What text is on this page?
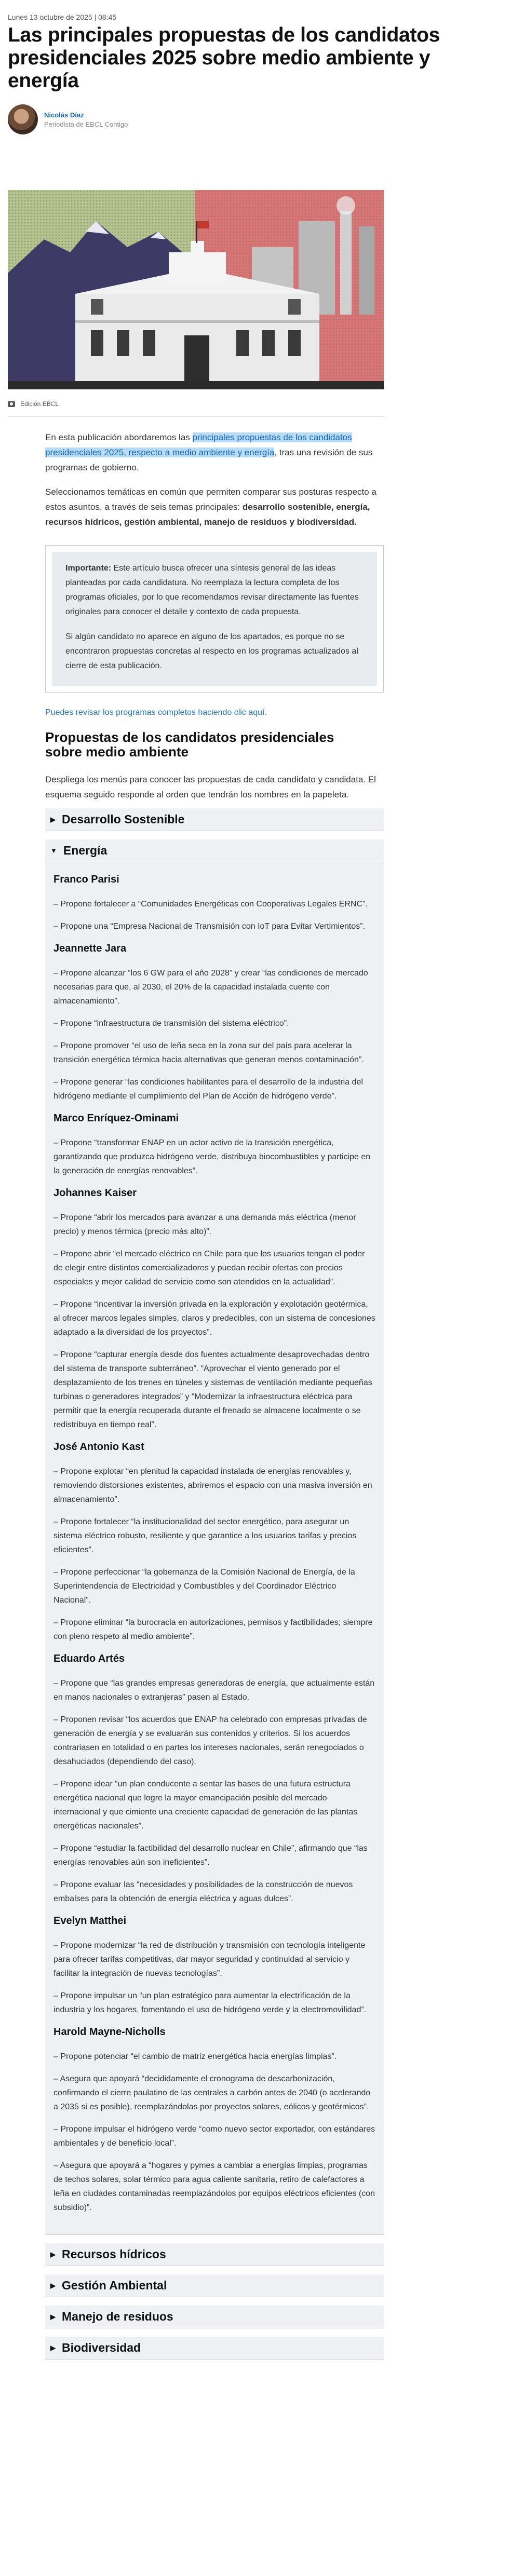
Lunes 13 octubre de 2025 | 08:45
Las principales propuestas de los candidatos presidenciales 2025 sobre medio ambiente y energía
Nicolás Díaz
Periodista de EBCL Contigo
Edición EBCL

En esta publicación abordaremos las principales propuestas de los candidatos presidenciales 2025, respecto a medio ambiente y energía, tras una revisión de sus programas de gobierno.

Seleccionamos temáticas en común que permiten comparar sus posturas respecto a estos asuntos, a través de seis temas principales: desarrollo sostenible, energía, recursos hídricos, gestión ambiental, manejo de residuos y biodiversidad.

Importante: Este artículo busca ofrecer una síntesis general de las ideas planteadas por cada candidatura. No reemplaza la lectura completa de los programas oficiales, por lo que recomendamos revisar directamente las fuentes originales para conocer el detalle y contexto de cada propuesta.

Si algún candidato no aparece en alguno de los apartados, es porque no se encontraron propuestas concretas al respecto en los programas actualizados al cierre de esta publicación.

Puedes revisar los programas completos haciendo clic aquí.
Propuestas de los candidatos presidenciales sobre medio ambiente

Despliega los menús para conocer las propuestas de cada candidato y candidata. El esquema seguido responde al orden que tendrán los nombres en la papeleta.

▶ Desarrollo Sostenible
▼ Energía
Franco Parisi

– Propone fortalecer a “Comunidades Energéticas con Cooperativas Legales ERNC”.

– Propone una “Empresa Nacional de Transmisión con IoT para Evitar Vertimientos”.

Jeannette Jara

– Propone alcanzar “los 6 GW para el año 2028” y crear “las condiciones de mercado necesarias para que, al 2030, el 20% de la capacidad instalada cuente con almacenamiento”.

– Propone “infraestructura de transmisión del sistema eléctrico”.

– Propone promover “el uso de leña seca en la zona sur del país para acelerar la transición energética térmica hacia alternativas que generan menos contaminación”.

– Propone generar “las condiciones habilitantes para el desarrollo de la industria del hidrógeno mediante el cumplimiento del Plan de Acción de hidrógeno verde”.

Marco Enríquez-Ominami

– Propone “transformar ENAP en un actor activo de la transición energética, garantizando que produzca hidrógeno verde, distribuya biocombustibles y participe en la generación de energías renovables”.

Johannes Kaiser

– Propone “abrir los mercados para avanzar a una demanda más eléctrica (menor precio) y menos térmica (precio más alto)”.

– Propone abrir “el mercado eléctrico en Chile para que los usuarios tengan el poder de elegir entre distintos comercializadores y puedan recibir ofertas con precios especiales y mejor calidad de servicio como son atendidos en la actualidad”.

– Propone “incentivar la inversión privada en la exploración y explotación geotérmica, al ofrecer marcos legales simples, claros y predecibles, con un sistema de concesiones adaptado a la diversidad de los proyectos”.

– Propone “capturar energía desde dos fuentes actualmente desaprovechadas dentro del sistema de transporte subterráneo”. “Aprovechar el viento generado por el desplazamiento de los trenes en túneles y sistemas de ventilación mediante pequeñas turbinas o generadores integrados” y “Modernizar la infraestructura eléctrica para permitir que la energía recuperada durante el frenado se almacene localmente o se redistribuya en tiempo real”.

José Antonio Kast

– Propone explotar “en plenitud la capacidad instalada de energías renovables y, removiendo distorsiones existentes, abriremos el espacio con una masiva inversión en almacenamiento”.

– Propone fortalecer “la institucionalidad del sector energético, para asegurar un sistema eléctrico robusto, resiliente y que garantice a los usuarios tarifas y precios eficientes”.

– Propone perfeccionar “la gobernanza de la Comisión Nacional de Energía, de la Superintendencia de Electricidad y Combustibles y del Coordinador Eléctrico Nacional”.

– Propone eliminar “la burocracia en autorizaciones, permisos y factibilidades; siempre con pleno respeto al medio ambiente”.

Eduardo Artés

– Propone que “las grandes empresas generadoras de energía, que actualmente están en manos nacionales o extranjeras” pasen al Estado.

– Proponen revisar “los acuerdos que ENAP ha celebrado con empresas privadas de generación de energía y se evaluarán sus contenidos y criterios. Si los acuerdos contrariasen en totalidad o en partes los intereses nacionales, serán renegociados o desahuciados (dependiendo del caso).

– Propone idear “un plan conducente a sentar las bases de una futura estructura energética nacional que logre la mayor emancipación posible del mercado internacional y que cimiente una creciente capacidad de generación de las plantas energéticas nacionales”.

– Propone “estudiar la factibilidad del desarrollo nuclear en Chile”, afirmando que “las energías renovables aún son ineficientes”.

– Propone evaluar las “necesidades y posibilidades de la construcción de nuevos embalses para la obtención de energía eléctrica y aguas dulces”.

Evelyn Matthei

– Propone modernizar “la red de distribución y transmisión con tecnología inteligente para ofrecer tarifas competitivas, dar mayor seguridad y continuidad al servicio y facilitar la integración de nuevas tecnologías”.

– Propone impulsar un “un plan estratégico para aumentar la electrificación de la industria y los hogares, fomentando el uso de hidrógeno verde y la electromovilidad”.

Harold Mayne-Nicholls

– Propone potenciar “el cambio de matriz energética hacia energías limpias”.

– Asegura que apoyará “decididamente el cronograma de descarbonización, confirmando el cierre paulatino de las centrales a carbón antes de 2040 (o acelerando a 2035 si es posible), reemplazándolas por proyectos solares, eólicos y geotérmicos”.

– Propone impulsar el hidrógeno verde “como nuevo sector exportador, con estándares ambientales y de beneficio local”.

– Asegura que apoyará a “hogares y pymes a cambiar a energías limpias, programas de techos solares, solar térmico para agua caliente sanitaria, retiro de calefactores a leña en ciudades contaminadas reemplazándolos por equipos eléctricos eficientes (con subsidio)”.

▶ Recursos hídricos
▶ Gestión Ambiental
▶ Manejo de residuos
▶ Biodiversidad
